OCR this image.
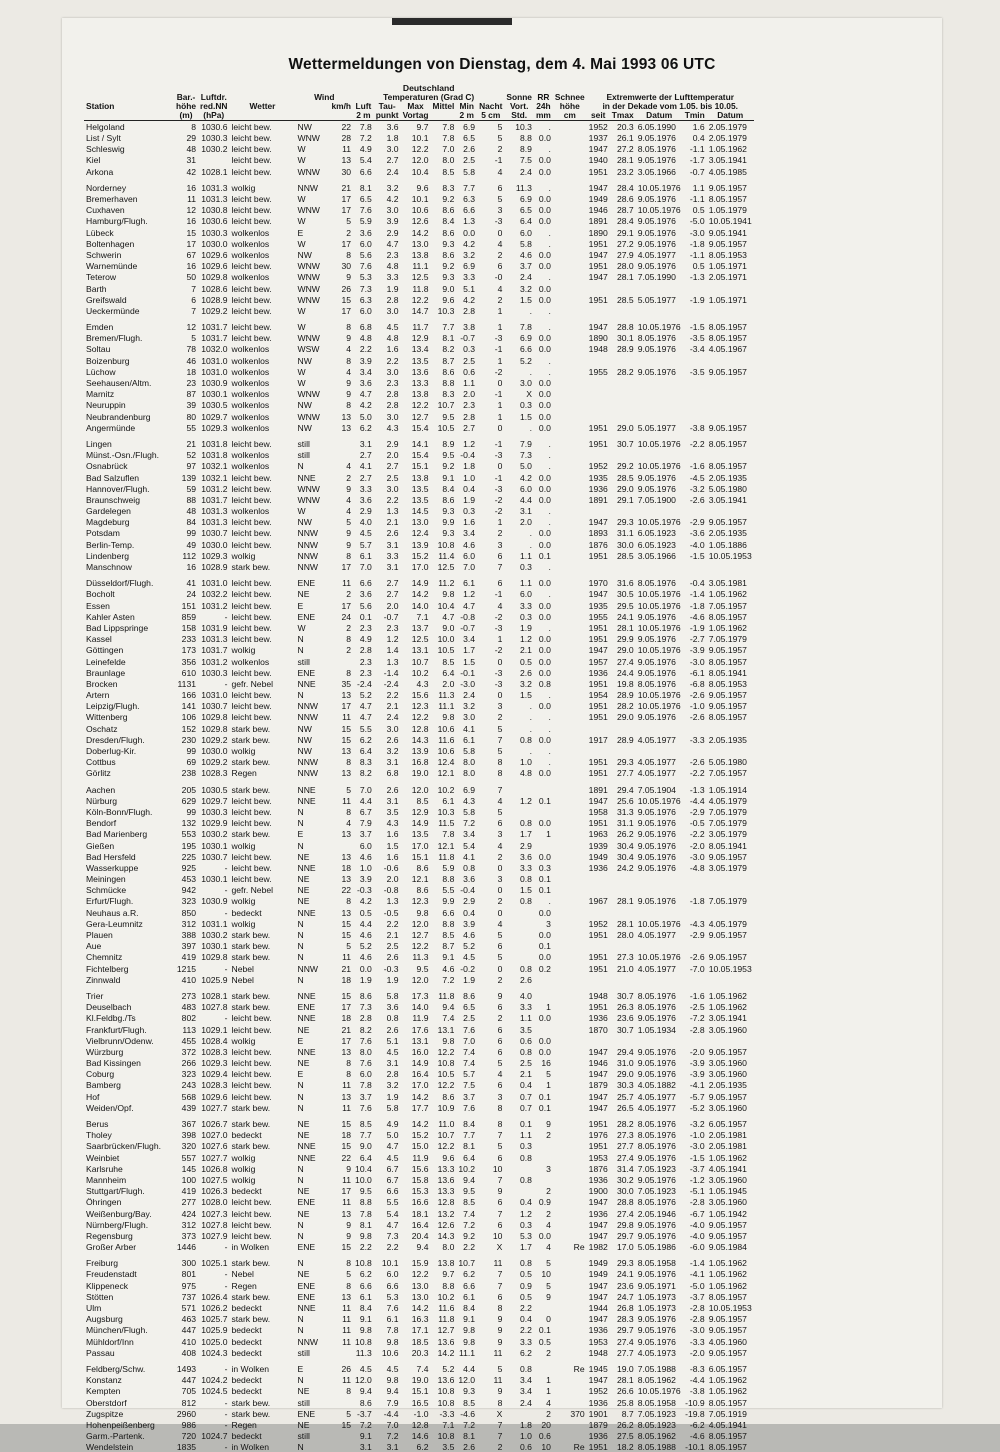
Wettermeldungen von Dienstag, dem 4. Mai 1993 06 UTC
						Deutschland													
Station	Bar.-	Luftdr.	Wetter	Wind		Temperaturen (Grad C)						Sonne	RR	Schnee	Extremwerte der Lufttemperatur				
	höhe	red.NN			km/h	Luft	Tau-	Max	Mittel	Min	Nacht	Vort.	24h	höhe	in der Dekade vom 1.05. bis 10.05.				
	(m)	(hPa)				2 m	punkt	Vortag		2 m	5 cm	Std.	mm	cm	seit	Tmax	Datum	Tmin	Datum
Helgoland	8	1030.6	leicht bew.	NW	22	7.8	3.6	9.7	7.8	6.9	5	10.3	.		1952	20.3	6.05.1990	1.6	2.05.1979
List / Sylt	29	1030.3	leicht bew.	WNW	28	7.2	1.8	10.1	7.8	6.5	5	8.8	0.0		1937	26.1	9.05.1976	0.4	2.05.1979
Schleswig	48	1030.2	leicht bew.	W	11	4.9	3.0	12.2	7.0	2.6	2	8.9	.		1947	27.2	8.05.1976	-1.1	1.05.1962
Kiel	31		leicht bew.	W	13	5.4	2.7	12.0	8.0	2.5	-1	7.5	0.0		1940	28.1	9.05.1976	-1.7	3.05.1941
Arkona	42	1028.1	leicht bew.	WNW	30	6.6	2.4	10.4	8.5	5.8	4	2.4	0.0		1951	23.2	3.05.1966	-0.7	4.05.1985

Norderney	16	1031.3	wolkig	NNW	21	8.1	3.2	9.6	8.3	7.7	6	11.3	.		1947	28.4	10.05.1976	1.1	9.05.1957
Bremerhaven	11	1031.3	leicht bew.	W	17	6.5	4.2	10.1	9.2	6.3	5	6.9	0.0		1949	28.6	9.05.1976	-1.1	8.05.1957
Cuxhaven	12	1030.8	leicht bew.	WNW	17	7.6	3.0	10.6	8.6	6.6	3	6.5	0.0		1946	28.7	10.05.1976	0.5	1.05.1979
Hamburg/Flugh.	16	1030.6	leicht bew.	W	5	5.9	3.9	12.6	8.4	1.3	-3	6.4	0.0		1891	28.4	9.05.1976	-5.0	10.05.1941
Lübeck	15	1030.3	wolkenlos	E	2	3.6	2.9	14.2	8.6	0.0	0	6.0	.		1890	29.1	9.05.1976	-3.0	9.05.1941
Boltenhagen	17	1030.0	wolkenlos	W	17	6.0	4.7	13.0	9.3	4.2	4	5.8	.		1951	27.2	9.05.1976	-1.8	9.05.1957
Schwerin	67	1029.6	wolkenlos	NW	8	5.6	2.3	13.8	8.6	3.2	2	4.6	0.0		1947	27.9	4.05.1977	-1.1	8.05.1953
Warnemünde	16	1029.6	leicht bew.	WNW	30	7.6	4.8	11.1	9.2	6.9	6	3.7	0.0		1951	28.0	9.05.1976	0.5	1.05.1971
Teterow	50	1029.8	wolkenlos	WNW	9	5.3	3.3	12.5	9.3	3.3	-0	2.4	.		1947	28.1	7.05.1990	-1.3	2.05.1971
Barth	7	1028.6	leicht bew.	WNW	26	7.3	1.9	11.8	9.0	5.1	4	3.2	0.0						
Greifswald	6	1028.9	leicht bew.	WNW	15	6.3	2.8	12.2	9.6	4.2	2	1.5	0.0		1951	28.5	5.05.1977	-1.9	1.05.1971
Ueckermünde	7	1029.2	leicht bew.	W	17	6.0	3.0	14.7	10.3	2.8	1	.	.						

Emden	12	1031.7	leicht bew.	W	8	6.8	4.5	11.7	7.7	3.8	1	7.8	.		1947	28.8	10.05.1976	-1.5	8.05.1957
Bremen/Flugh.	5	1031.7	leicht bew.	WNW	9	4.8	4.8	12.9	8.1	-0.7	-3	6.9	0.0		1890	30.1	8.05.1976	-3.5	8.05.1957
Soltau	78	1032.0	wolkenlos	WSW	4	2.2	1.6	13.4	8.2	0.3	-1	6.6	0.0		1948	28.9	9.05.1976	-3.4	4.05.1967
Boizenburg	46	1031.0	wolkenlos	NW	8	3.9	2.2	13.5	8.7	2.5	1	5.2	.						
Lüchow	18	1031.0	wolkenlos	W	4	3.4	3.0	13.6	8.6	0.6	-2	.	.		1955	28.2	9.05.1976	-3.5	9.05.1957
Seehausen/Altm.	23	1030.9	wolkenlos	W	9	3.6	2.3	13.3	8.8	1.1	0	3.0	0.0						
Marnitz	87	1030.1	wolkenlos	WNW	9	4.7	2.8	13.8	8.3	2.0	-1	X	0.0						
Neuruppin	39	1030.5	wolkenlos	NW	8	4.2	2.8	12.2	10.7	2.3	1	0.3	0.0						
Neubrandenburg	80	1029.7	wolkenlos	WNW	13	5.0	3.0	12.7	9.5	2.8	1	1.5	0.0						
Angermünde	55	1029.3	wolkenlos	NW	13	6.2	4.3	15.4	10.5	2.7	0	.	0.0		1951	29.0	5.05.1977	-3.8	9.05.1957

Lingen	21	1031.8	leicht bew.	still		3.1	2.9	14.1	8.9	1.2	-1	7.9	.		1951	30.7	10.05.1976	-2.2	8.05.1957
Münst.-Osn./Flugh.	52	1031.8	wolkenlos	still		2.7	2.0	15.4	9.5	-0.4	-3	7.3	.						
Osnabrück	97	1032.1	wolkenlos	N	4	4.1	2.7	15.1	9.2	1.8	0	5.0	.		1952	29.2	10.05.1976	-1.6	8.05.1957
Bad Salzuflen	139	1032.1	leicht bew.	NNE	2	2.7	2.5	13.8	9.1	1.0	-1	4.2	0.0		1935	28.5	9.05.1976	-4.5	2.05.1935
Hannover/Flugh.	59	1031.2	leicht bew.	WNW	9	3.3	3.0	13.5	8.4	0.4	-3	6.0	0.0		1936	29.0	9.05.1976	-3.2	5.05.1980
Braunschweig	88	1031.7	leicht bew.	WNW	4	3.6	2.2	13.5	8.6	1.9	-2	4.4	0.0		1891	29.1	7.05.1900	-2.6	3.05.1941
Gardelegen	48	1031.3	wolkenlos	W	4	2.9	1.3	14.5	9.3	0.3	-2	3.1	.						
Magdeburg	84	1031.3	leicht bew.	NW	5	4.0	2.1	13.0	9.9	1.6	1	2.0	.		1947	29.3	10.05.1976	-2.9	9.05.1957
Potsdam	99	1030.7	leicht bew.	NNW	9	4.5	2.6	12.4	9.3	3.4	2	.	0.0		1893	31.1	6.05.1923	-3.6	2.05.1935
Berlin-Temp.	49	1030.0	leicht bew.	NNW	9	5.7	3.1	13.9	10.8	4.6	3	.	0.0		1876	30.0	6.05.1923	-4.0	1.05.1886
Lindenberg	112	1029.3	wolkig	NNW	8	6.1	3.3	15.2	11.4	6.0	6	1.1	0.1		1951	28.5	3.05.1966	-1.5	10.05.1953
Manschnow	16	1028.9	stark bew.	NNW	17	7.0	3.1	17.0	12.5	7.0	7	0.3	.						

Düsseldorf/Flugh.	41	1031.0	leicht bew.	ENE	11	6.6	2.7	14.9	11.2	6.1	6	1.1	0.0		1970	31.6	8.05.1976	-0.4	3.05.1981
Bocholt	24	1032.2	leicht bew.	NE	2	3.6	2.7	14.2	9.8	1.2	-1	6.0	.		1947	30.5	10.05.1976	-1.4	1.05.1962
Essen	151	1031.2	leicht bew.	E	17	5.6	2.0	14.0	10.4	4.7	4	3.3	0.0		1935	29.5	10.05.1976	-1.8	7.05.1957
Kahler Asten	859	-	leicht bew.	ENE	24	0.1	-0.7	7.1	4.7	-0.8	-2	0.3	0.0		1955	24.1	9.05.1976	-4.6	8.05.1957
Bad Lippspringe	158	1031.9	leicht bew.	W	2	2.3	2.3	13.7	9.0	-0.7	-3	1.9	.		1951	28.1	10.05.1976	-1.9	1.05.1962
Kassel	233	1031.3	leicht bew.	N	8	4.9	1.2	12.5	10.0	3.4	1	1.2	0.0		1951	29.9	9.05.1976	-2.7	7.05.1979
Göttingen	173	1031.7	wolkig	N	2	2.8	1.4	13.1	10.5	1.7	-2	2.1	0.0		1947	29.0	10.05.1976	-3.9	9.05.1957
Leinefelde	356	1031.2	wolkenlos	still		2.3	1.3	10.7	8.5	1.5	0	0.5	0.0		1957	27.4	9.05.1976	-3.0	8.05.1957
Braunlage	610	1030.3	leicht bew.	ENE	8	2.3	-1.4	10.2	6.4	-0.1	-3	2.6	0.0		1936	24.4	9.05.1976	-6.1	8.05.1941
Brocken	1131	-	gefr. Nebel	NNE	35	-2.4	-2.4	4.3	2.0	-3.0	-3	3.2	0.8		1951	19.8	8.05.1976	-6.8	8.05.1953
Artern	166	1031.0	leicht bew.	N	13	5.2	2.2	15.6	11.3	2.4	0	1.5	.		1954	28.9	10.05.1976	-2.6	9.05.1957
Leipzig/Flugh.	141	1030.7	leicht bew.	NNW	17	4.7	2.1	12.3	11.1	3.2	3	.	0.0		1951	28.2	10.05.1976	-1.0	9.05.1957
Wittenberg	106	1029.8	leicht bew.	NNW	11	4.7	2.4	12.2	9.8	3.0	2	.	.		1951	29.0	9.05.1976	-2.6	8.05.1957
Oschatz	152	1029.8	stark bew.	NW	15	5.5	3.0	12.8	10.6	4.1	5	.	.						
Dresden/Flugh.	230	1029.2	stark bew.	NW	15	6.2	2.6	14.3	11.6	6.1	7	0.8	0.0		1917	28.9	4.05.1977	-3.3	2.05.1935
Doberlug-Kir.	99	1030.0	wolkig	NW	13	6.4	3.2	13.9	10.6	5.8	5	.	.						
Cottbus	69	1029.2	stark bew.	NNW	8	8.3	3.1	16.8	12.4	8.0	8	1.0	.		1951	29.3	4.05.1977	-2.6	5.05.1980
Görlitz	238	1028.3	Regen	NNW	13	8.2	6.8	19.0	12.1	8.0	8	4.8	0.0		1951	27.7	4.05.1977	-2.2	7.05.1957

Aachen	205	1030.5	stark bew.	NNE	5	7.0	2.6	12.0	10.2	6.9	7				1891	29.4	7.05.1904	-1.3	1.05.1914
Nürburg	629	1029.7	leicht bew.	NNE	11	4.4	3.1	8.5	6.1	4.3	4	1.2	0.1		1947	25.6	10.05.1976	-4.4	4.05.1979
Köln-Bonn/Flugh.	99	1030.3	leicht bew.	N	8	6.7	3.5	12.9	10.3	5.8	5				1958	31.3	9.05.1976	-2.9	7.05.1979
Bendorf	132	1029.9	leicht bew.	N	4	7.9	4.3	14.9	11.5	7.2	6	0.8	0.0		1951	31.1	9.05.1976	-0.5	7.05.1979
Bad Marienberg	553	1030.2	stark bew.	E	13	3.7	1.6	13.5	7.8	3.4	3	1.7	1		1963	26.2	9.05.1976	-2.2	3.05.1979
Gießen	195	1030.1	wolkig	N		6.0	1.5	17.0	12.1	5.4	4	2.9			1939	30.4	9.05.1976	-2.0	8.05.1941
Bad Hersfeld	225	1030.7	leicht bew.	NE	13	4.6	1.6	15.1	11.8	4.1	2	3.6	0.0		1949	30.4	9.05.1976	-3.0	9.05.1957
Wasserkuppe	925	-	leicht bew.	NNE	18	1.0	-0.6	8.6	5.9	0.8	0	3.3	0.3		1936	24.2	9.05.1976	-4.8	3.05.1979
Meiningen	453	1030.1	leicht bew.	NE	13	3.9	2.0	12.1	8.8	3.6	3	0.8	0.1						
Schmücke	942	-	gefr. Nebel	NE	22	-0.3	-0.8	8.6	5.5	-0.4	0	1.5	0.1						
Erfurt/Flugh.	323	1030.9	wolkig	NE	8	4.2	1.3	12.3	9.9	2.9	2	0.8	.		1967	28.1	9.05.1976	-1.8	7.05.1979
Neuhaus a.R.	850	-	bedeckt	NNE	13	0.5	-0.5	9.8	6.6	0.4	0		0.0						
Gera-Leumnitz	312	1031.1	wolkig	N	15	4.4	2.2	12.0	8.8	3.9	4		3		1952	28.1	10.05.1976	-4.3	4.05.1979
Plauen	388	1030.2	stark bew.	N	15	4.6	2.1	12.7	8.5	4.6	5		0.0		1951	28.0	4.05.1977	-2.9	9.05.1957
Aue	397	1030.1	stark bew.	N	5	5.2	2.5	12.2	8.7	5.2	6		0.1						
Chemnitz	419	1029.8	stark bew.	N	11	4.6	2.6	11.3	9.1	4.5	5		0.0		1951	27.3	10.05.1976	-2.6	9.05.1957
Fichtelberg	1215	-	Nebel	NNW	21	0.0	-0.3	9.5	4.6	-0.2	0	0.8	0.2		1951	21.0	4.05.1977	-7.0	10.05.1953
Zinnwald	410	1025.9	Nebel	N	18	1.9	1.9	12.0	7.2	1.9	2	2.6							

Trier	273	1028.1	stark bew.	NNE	15	8.6	5.8	17.3	11.8	8.6	9	4.0			1948	30.7	8.05.1976	-1.6	1.05.1962
Deuselbach	483	1027.8	stark bew.	ENE	17	7.3	3.6	14.0	9.4	6.5	6	3.3	1		1951	26.3	8.05.1976	-2.5	1.05.1962
Kl.Feldbg./Ts	802	-	leicht bew.	NNE	18	2.8	0.8	11.9	7.4	2.5	2	1.1	0.0		1936	23.6	9.05.1976	-7.2	3.05.1941
Frankfurt/Flugh.	113	1029.1	leicht bew.	NE	21	8.2	2.6	17.6	13.1	7.6	6	3.5			1870	30.7	1.05.1934	-2.8	3.05.1960
Vielbrunn/Odenw.	455	1028.4	wolkig	E	17	7.6	5.1	13.1	9.8	7.0	6	0.6	0.0						
Würzburg	372	1028.3	leicht bew.	NNE	13	8.0	4.5	16.0	12.2	7.4	6	0.8	0.0		1947	29.4	9.05.1976	-2.0	9.05.1957
Bad Kissingen	266	1029.3	leicht bew.	NE	8	7.6	3.1	14.9	10.8	7.4	5	2.5	16		1946	31.0	9.05.1976	-3.9	3.05.1960
Coburg	323	1029.4	leicht bew.	E	8	6.0	2.8	16.4	10.5	5.7	4	2.1	5		1947	29.0	9.05.1976	-3.9	3.05.1960
Bamberg	243	1028.3	leicht bew.	N	11	7.8	3.2	17.0	12.2	7.5	6	0.4	1		1879	30.3	4.05.1882	-4.1	2.05.1935
Hof	568	1029.6	leicht bew.	N	13	3.7	1.9	14.2	8.6	3.7	3	0.7	0.1		1947	25.7	4.05.1977	-5.7	9.05.1957
Weiden/Opf.	439	1027.7	stark bew.	N	11	7.6	5.8	17.7	10.9	7.6	8	0.7	0.1		1947	26.5	4.05.1977	-5.2	3.05.1960

Berus	367	1026.7	stark bew.	NE	15	8.5	4.9	14.2	11.0	8.4	8	0.1	9		1951	28.2	8.05.1976	-3.2	6.05.1957
Tholey	398	1027.0	bedeckt	NE	18	7.7	5.0	15.2	10.7	7.7	7	1.1	2		1976	27.3	8.05.1976	-1.0	2.05.1981
Saarbrücken/Flugh.	320	1027.6	stark bew.	NNE	15	9.0	4.7	15.0	12.2	8.1	5	0.3			1951	27.7	8.05.1976	-3.0	2.05.1981
Weinbiet	557	1027.7	wolkig	NNE	22	6.4	4.5	11.9	9.6	6.4	6	0.8			1953	27.4	9.05.1976	-1.5	1.05.1962
Karlsruhe	145	1026.8	wolkig	N	9	10.4	6.7	15.6	13.3	10.2	10		3		1876	31.4	7.05.1923	-3.7	4.05.1941
Mannheim	100	1027.5	wolkig	N	11	10.0	6.7	15.8	13.6	9.4	7	0.8			1936	30.2	9.05.1976	-1.2	3.05.1960
Stuttgart/Flugh.	419	1026.3	bedeckt	NE	17	9.5	6.6	15.3	13.3	9.5	9		2		1900	30.0	7.05.1923	-5.1	1.05.1945
Öhringen	277	1028.0	leicht bew.	ENE	11	8.8	5.5	16.6	12.8	8.5	6	0.4	0.9		1947	28.8	8.05.1976	-2.8	3.05.1960
Weißenburg/Bay.	424	1027.3	leicht bew.	NE	13	7.8	5.4	18.1	13.2	7.4	7	1.2	2		1936	27.4	2.05.1946	-6.7	1.05.1942
Nürnberg/Flugh.	312	1027.8	leicht bew.	N	9	8.1	4.7	16.4	12.6	7.2	6	0.3	4		1947	29.8	9.05.1976	-4.0	9.05.1957
Regensburg	373	1027.9	leicht bew.	N	9	9.8	7.3	20.4	14.3	9.2	10	5.3	0.0		1947	29.7	9.05.1976	-4.0	9.05.1957
Großer Arber	1446	-	in Wolken	ENE	15	2.2	2.2	9.4	8.0	2.2	X	1.7	4	Re	1982	17.0	5.05.1986	-6.0	9.05.1984

Freiburg	300	1025.1	stark bew.	N	8	10.8	10.1	15.9	13.8	10.7	11	0.8	5		1949	29.3	8.05.1958	-1.4	1.05.1962
Freudenstadt	801	-	Nebel	NE	5	6.2	6.0	12.2	9.7	6.2	7	0.5	10		1949	24.1	9.05.1976	-4.1	1.05.1962
Klippeneck	975	-	Regen	ENE	8	6.6	6.6	13.0	8.8	6.6	7	0.9	5		1947	23.6	9.05.1971	-5.0	1.05.1962
Stötten	737	1026.4	stark bew.	ENE	13	6.1	5.3	13.0	10.2	6.1	6	0.5	9		1947	24.7	1.05.1973	-3.7	8.05.1957
Ulm	571	1026.2	bedeckt	NNE	11	8.4	7.6	14.2	11.6	8.4	8	2.2			1944	26.8	1.05.1973	-2.8	10.05.1953
Augsburg	463	1025.7	stark bew.	N	11	9.1	6.1	16.3	11.8	9.1	9	0.4	0		1947	28.3	9.05.1976	-2.8	9.05.1957
München/Flugh.	447	1025.9	bedeckt	N	11	9.8	7.8	17.1	12.7	9.8	9	2.2	0.1		1936	29.7	9.05.1976	-3.0	9.05.1957
Mühldorf/Inn	410	1025.0	bedeckt	NNW	11	10.8	9.8	18.5	13.6	9.8	9	3.3	0.5		1953	27.4	9.05.1976	-3.3	4.05.1960
Passau	408	1024.3	bedeckt	still		11.3	10.6	20.3	14.2	11.1	11	6.2	2		1948	27.7	4.05.1973	-2.0	9.05.1957

Feldberg/Schw.	1493	-	in Wolken	E	26	4.5	4.5	7.4	5.2	4.4	5	0.8		Re	1945	19.0	7.05.1988	-8.3	6.05.1957
Konstanz	447	1024.2	bedeckt	N	11	12.0	9.8	19.0	13.6	12.0	11	3.4	1		1947	28.1	8.05.1962	-4.4	1.05.1962
Kempten	705	1024.5	bedeckt	NE	8	9.4	9.4	15.1	10.8	9.3	9	3.4	1		1952	26.6	10.05.1976	-3.8	1.05.1962
Oberstdorf	812	-	stark bew.	still		8.6	7.9	16.5	10.8	8.5	8	2.4	4		1936	25.8	8.05.1958	-10.9	8.05.1957
Zugspitze	2960	-	stark bew.	ENE	5	-3.7	-4.4	-1.0	-3.3	-4.6	X		2	370	1901	8.7	7.05.1923	-19.8	7.05.1919
Hohenpeißenberg	986	-	Regen	NE	15	7.2	7.0	12.8	7.1	7.2	7	1.8	20		1879	26.2	8.05.1923	-6.2	4.05.1941
Garm.-Partenk.	720	1024.7	bedeckt	still		9.1	7.2	14.6	10.8	8.1	7	1.0	0.6		1936	27.5	8.05.1962	-4.6	8.05.1957
Wendelstein	1835	-	in Wolken	N		3.1	3.1	6.2	3.5	2.6	2	0.6	10	Re	1951	18.2	8.05.1988	-10.1	8.05.1957
